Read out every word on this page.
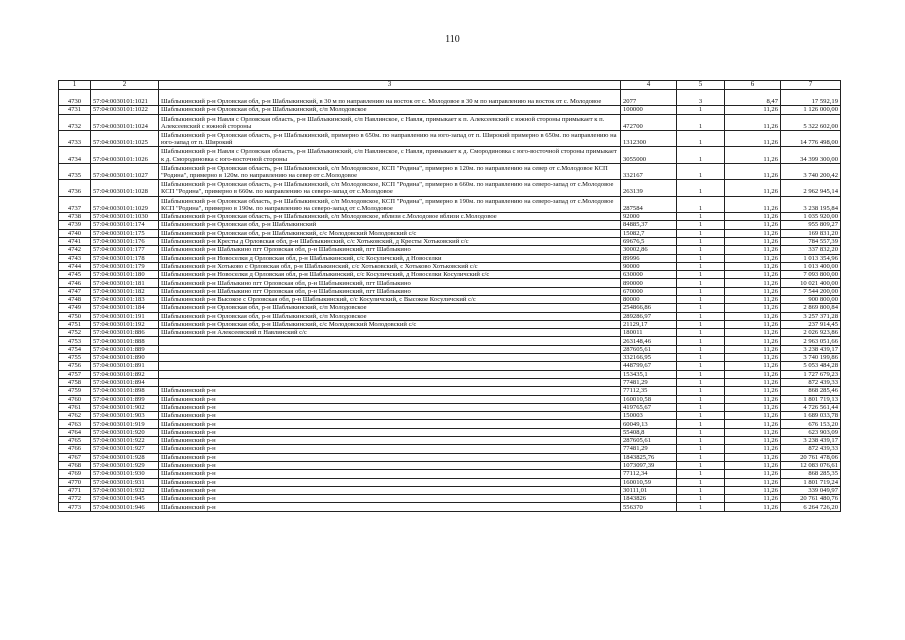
110
1	2	3	4	5	6	7
4730	57:04:0030101:1021	Шаблыкинский р-н Орловская обл, р-н Шаблыкинский, в 30 м по направлению на восток от с. Молодовое в 30 м по направлению на восток от с. Молодовое	2077	3	8,47	17 592,19
4731	57:04:0030101:1022	Шаблыкинский р-н Орловская обл, р-н Шаблыкинский, с/п Молодовское	100000	1	11,26	1 126 000,00
4732	57:04:0030101:1024	Шаблыкинский р-н Навля с Орловская область, р-н Шаблыкинский, с/п Навлинское, с Навля, примыкает к п. Алексеевский с южной стороны примыкает к п. Алексеевский с южной стороны	472700	1	11,26	5 322 602,00
4733	57:04:0030101:1025	Шаблыкинский р-н Орловская область, р-н Шаблыкинский, примерно в 650м. по направлению на юго-запад от п. Широкий примерно в 650м. по направлению на юго-запад от п. Широкий	1312300	1	11,26	14 776 498,00
4734	57:04:0030101:1026	Шаблыкинский р-н Навля с Орловская область, р-н Шаблыкинский, с/п Навлинское, с Навля, примыкает к д. Смородиновка с юго-восточной стороны примыкает к д. Смородиновка с юго-восточной стороны	3055000	1	11,26	34 399 300,00
4735	57:04:0030101:1027	Шаблыкинский р-н Орловская область, р-н Шаблыкинский, с/п Молодовское, КСП "Родина", примерно в 120м. по направлению на север от с.Молодовое КСП "Родина", примерно в 120м. по направлению на север от с.Молодовое	332167	1	11,26	3 740 200,42
4736	57:04:0030101:1028	Шаблыкинский р-н Орловская область, р-н Шаблыкинский, с/п Молодовское, КСП "Родина", примерно в 660м. по направлению на северо-запад от с.Молодовое КСП "Родина", примерно в 660м. по направлению на северо-запад от с.Молодовое	263139	1	11,26	2 962 945,14
4737	57:04:0030101:1029	Шаблыкинский р-н Орловская область, р-н Шаблыкинский, с/п Молодовское, КСП "Родина", примерно в 190м. по направлению на северо-запад от с.Молодовое КСП "Родина", примерно в 190м. по направлению на северо-запад от с.Молодовое	287584	1	11,26	3 238 195,84
4738	57:04:0030101:1030	Шаблыкинский р-н Орловская область, р-н Шаблыкинский, с/п Молодовское, вблизи с.Молодовое вблизи с.Молодовое	92000	1	11,26	1 035 920,00
4739	57:04:0030101:174	Шаблыкинский р-н Орловская обл, р-н Шаблыкинский	84885,37	1	11,26	955 809,27
4740	57:04:0030101:175	Шаблыкинский р-н Орловская обл, р-н Шаблыкинский, с/с Молодовский Молодовский с/с	15082,7	1	11,26	169 831,20
4741	57:04:0030101:176	Шаблыкинский р-н Кресты д Орловская обл, р-н Шаблыкинский, с/с Хотьковский, д Кресты Хотьковский с/с	69676,5	1	11,26	784 557,39
4742	57:04:0030101:177	Шаблыкинский р-н Шаблыкино пгт Орловская обл, р-н Шаблыкинский, пгт Шаблыкино	30002,86	1	11,26	337 832,20
4743	57:04:0030101:178	Шаблыкинский р-н Новоселки д Орловская обл, р-н Шаблыкинский, с/с Косуличский, д Новоселки	89996	1	11,26	1 013 354,96
4744	57:04:0030101:179	Шаблыкинский р-н Хотьково с Орловская обл, р-н Шаблыкинский, с/с Хотьковский, с Хотьково Хотьковский с/с	90000	1	11,26	1 013 400,00
4745	57:04:0030101:180	Шаблыкинский р-н Новоселки д Орловская обл, р-н Шаблыкинский, с/с Косуличский, д Новоселки Косуличский с/с	630000	1	11,26	7 093 800,00
4746	57:04:0030101:181	Шаблыкинский р-н Шаблыкино пгт Орловская обл, р-н Шаблыкинский, пгт Шаблыкино	890000	1	11,26	10 021 400,00
4747	57:04:0030101:182	Шаблыкинский р-н Шаблыкино пгт Орловская обл, р-н Шаблыкинский, пгт Шаблыкино	670000	1	11,26	7 544 200,00
4748	57:04:0030101:183	Шаблыкинский р-н Высокое с Орловская обл, р-н Шаблыкинский, с/с Косуличский, с Высокое Косуличский с/с	80000	1	11,26	900 800,00
4749	57:04:0030101:184	Шаблыкинский р-н Орловская обл, р-н Шаблыкинский, с/п Молодовское	254866,86	1	11,26	2 869 800,84
4750	57:04:0030101:191	Шаблыкинский р-н Орловская обл, р-н Шаблыкинский, с/п Молодовское	289286,97	1	11,26	3 257 371,28
4751	57:04:0030101:192	Шаблыкинский р-н Орловская обл, р-н Шаблыкинский, с/с Молодовский Молодовский с/с	21129,17	1	11,26	237 914,45
4752	57:04:0030101:886	Шаблыкинский р-н Алексеевский п Навлинский с/с	180011	1	11,26	2 026 923,86
4753	57:04:0030101:888		263148,46	1	11,26	2 963 051,66
4754	57:04:0030101:889		287605,61	1	11,26	3 238 439,17
4755	57:04:0030101:890		332166,95	1	11,26	3 740 199,86
4756	57:04:0030101:891		448799,67	1	11,26	5 053 484,28
4757	57:04:0030101:892		153435,1	1	11,26	1 727 679,23
4758	57:04:0030101:894		77481,29	1	11,26	872 439,33
4759	57:04:0030101:898	Шаблыкинский р-н	77112,35	1	11,26	868 285,46
4760	57:04:0030101:899	Шаблыкинский р-н	160010,58	1	11,26	1 801 719,13
4761	57:04:0030101:902	Шаблыкинский р-н	419765,67	1	11,26	4 726 561,44
4762	57:04:0030101:903	Шаблыкинский р-н	150003	1	11,26	1 689 033,78
4763	57:04:0030101:919	Шаблыкинский р-н	60049,13	1	11,26	676 153,20
4764	57:04:0030101:920	Шаблыкинский р-н	55408,8	1	11,26	623 903,09
4765	57:04:0030101:922	Шаблыкинский р-н	287605,61	1	11,26	3 238 439,17
4766	57:04:0030101:927	Шаблыкинский р-н	77481,29	1	11,26	872 439,33
4767	57:04:0030101:928	Шаблыкинский р-н	1843825,76	1	11,26	20 761 478,06
4768	57:04:0030101:929	Шаблыкинский р-н	1073097,39	1	11,26	12 083 076,61
4769	57:04:0030101:930	Шаблыкинский р-н	77112,34	1	11,26	868 285,35
4770	57:04:0030101:931	Шаблыкинский р-н	160010,59	1	11,26	1 801 719,24
4771	57:04:0030101:932	Шаблыкинский р-н	30111,01	1	11,26	339 049,97
4772	57:04:0030101:945	Шаблыкинский р-н	1843826	1	11,26	20 761 480,76
4773	57:04:0030101:946	Шаблыкинский р-н	556370	1	11,26	6 264 726,20
